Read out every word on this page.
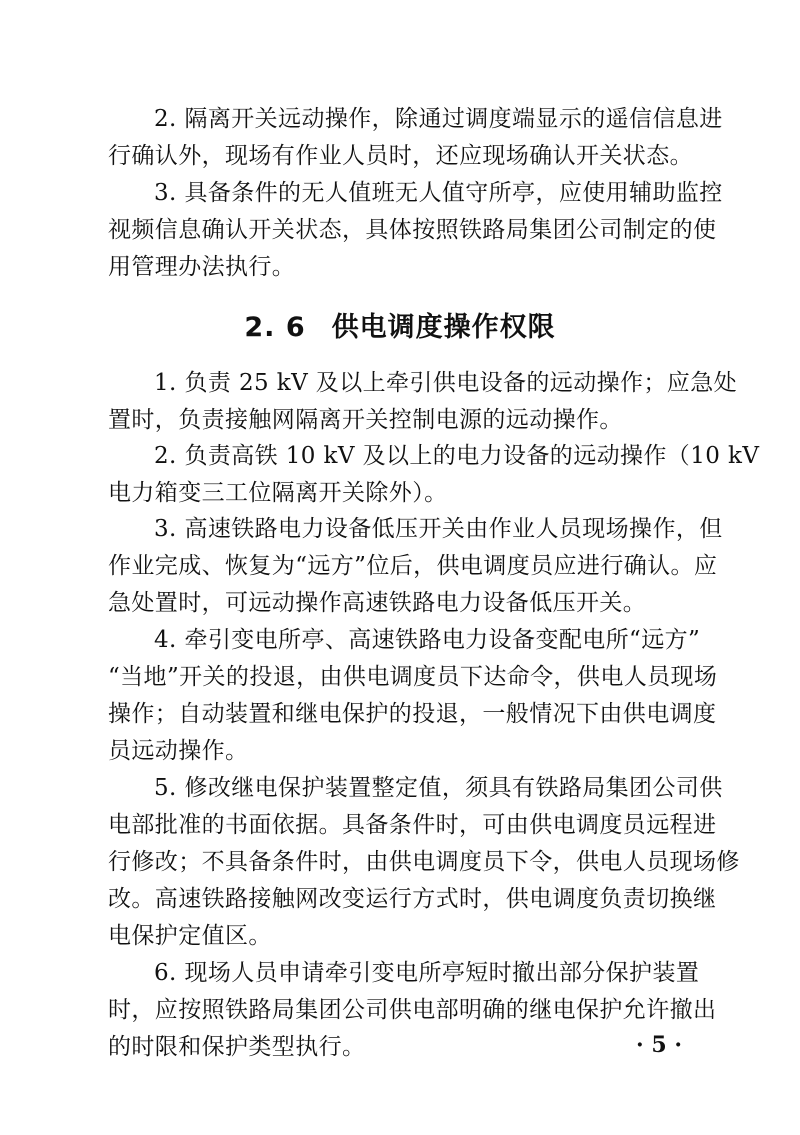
2. 隔离开关远动操作，除通过调度端显示的遥信信息进
行确认外，现场有作业人员时，还应现场确认开关状态。
3. 具备条件的无人值班无人值守所亭，应使用辅助监控
视频信息确认开关状态，具体按照铁路局集团公司制定的使
用管理办法执行。
2. 6 供电调度操作权限
1. 负责 25 kV 及以上牵引供电设备的远动操作；应急处
置时，负责接触网隔离开关控制电源的远动操作。
2. 负责高铁 10 kV 及以上的电力设备的远动操作（10 kV
电力箱变三工位隔离开关除外）。
3. 高速铁路电力设备低压开关由作业人员现场操作，但
作业完成、恢复为“远方”位后，供电调度员应进行确认。应
急处置时，可远动操作高速铁路电力设备低压开关。
4. 牵引变电所亭、高速铁路电力设备变配电所“远方”
“当地”开关的投退，由供电调度员下达命令，供电人员现场
操作；自动装置和继电保护的投退，一般情况下由供电调度
员远动操作。
5. 修改继电保护装置整定值，须具有铁路局集团公司供
电部批准的书面依据。具备条件时，可由供电调度员远程进
行修改；不具备条件时，由供电调度员下令，供电人员现场修
改。高速铁路接触网改变运行方式时，供电调度负责切换继
电保护定值区。
6. 现场人员申请牵引变电所亭短时撤出部分保护装置
时，应按照铁路局集团公司供电部明确的继电保护允许撤出
的时限和保护类型执行。	· 5 ·
